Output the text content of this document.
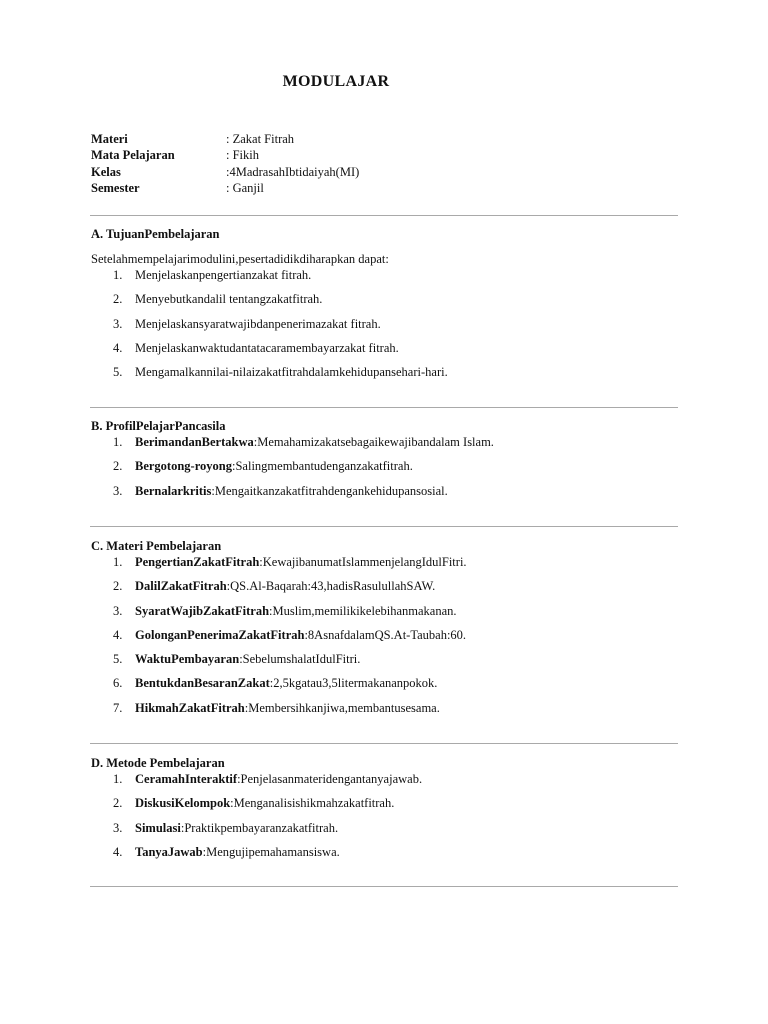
MODULAJAR
Materi	: Zakat Fitrah
Mata Pelajaran	: Fikih
Kelas	:4MadrasahIbtidaiyah(MI)
Semester	: Ganjil
A. TujuanPembelajaran
Setelahmempelajarimodulini,pesertadidikdiharapkan dapat:
1.	Menjelaskanpengertianzakat fitrah.
2.	Menyebutkandalil tentangzakatfitrah.
3.	Menjelaskansyaratwajibdanpenerimazakat fitrah.
4.	Menjelaskanwaktudantatacaramembayarzakat fitrah.
5.	Mengamalkannilai-nilaizakatfitrahdalamkehidupansehari-hari.
B. ProfilPelajarPancasila
1.	BerimandanBertakwa:Memahamizakatsebagaikewajibandalam Islam.
2.	Bergotong-royong:Salingmembantudenganzakatfitrah.
3.	Bernalarkritis:Mengaitkanzakatfitrahdengankehidupansosial.
C. Materi Pembelajaran
1.	PengertianZakatFitrah:KewajibanumatIslammenjelangIdulFitri.
2.	DalilZakatFitrah:QS.Al-Baqarah:43,hadisRasulullahSAW.
3.	SyaratWajibZakatFitrah:Muslim,memilikikelebihanmakanan.
4.	GolonganPenerimaZakatFitrah:8AsnafdalamQS.At-Taubah:60.
5.	WaktuPembayaran:SebelumshalatIdulFitri.
6.	BentukdanBesaranZakat:2,5kgatau3,5litermakananpokok.
7.	HikmahZakatFitrah:Membersihkanjiwa,membantusesama.
D. Metode Pembelajaran
1.	CeramahInteraktif:Penjelasanmateridengantanyajawab.
2.	DiskusiKelompok:Menganalisishikmahzakatfitrah.
3.	Simulasi:Praktikpembayaranzakatfitrah.
4.	TanyaJawab:Mengujipemahamansiswa.
